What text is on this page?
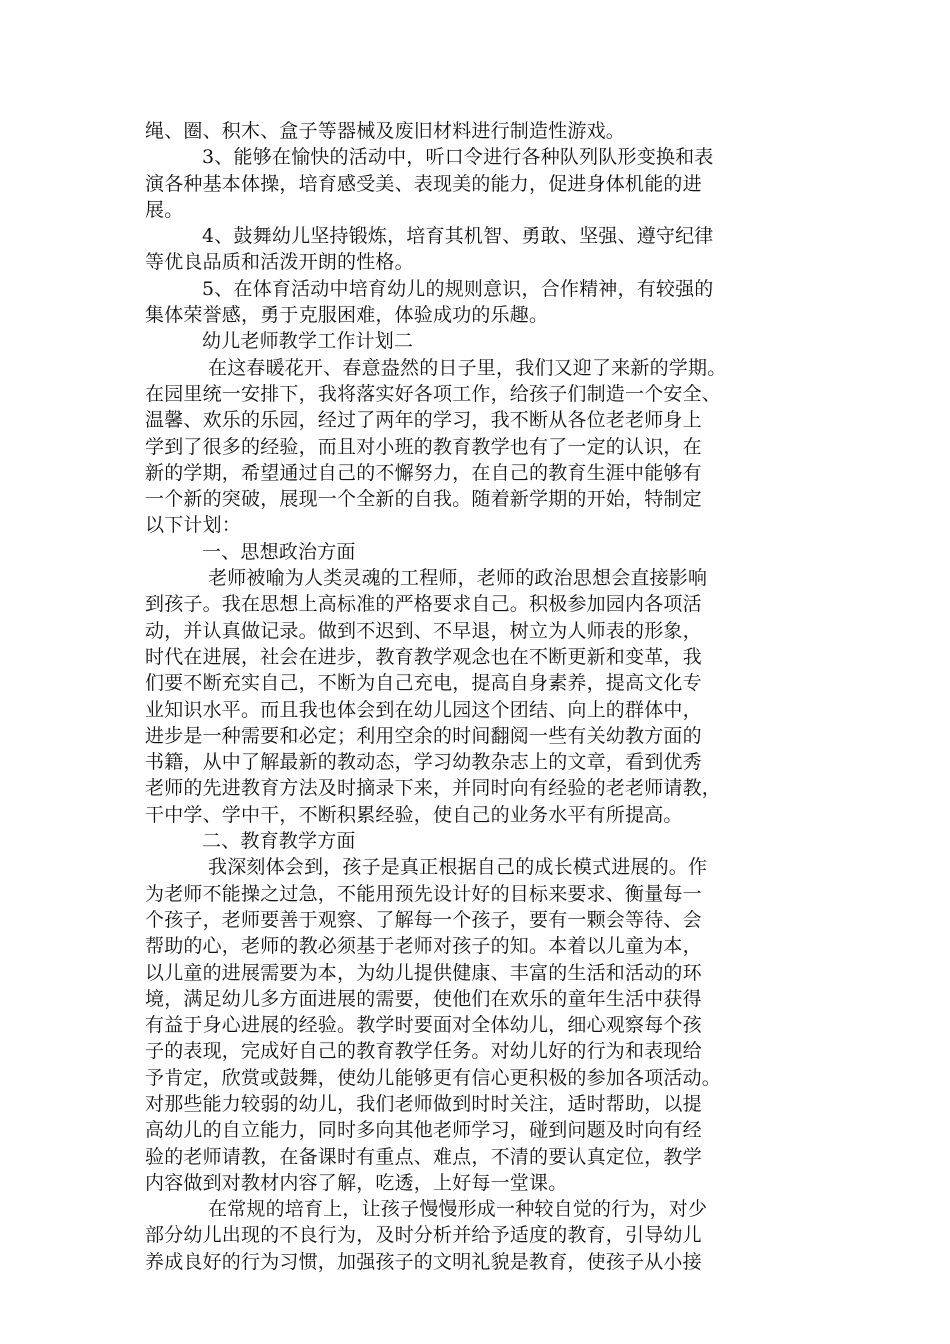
绳、圈、积木、盒子等器械及废旧材料进行制造性游戏。
3、能够在愉快的活动中，听口令进行各种队列队形变换和表
演各种基本体操，培育感受美、表现美的能力，促进身体机能的进
展。
4、鼓舞幼儿坚持锻炼，培育其机智、勇敢、坚强、遵守纪律
等优良品质和活泼开朗的性格。
5、在体育活动中培育幼儿的规则意识，合作精神，有较强的
集体荣誉感，勇于克服困难，体验成功的乐趣。
幼儿老师教学工作计划二
在这春暖花开、春意盎然的日子里，我们又迎了来新的学期。
在园里统一安排下，我将落实好各项工作，给孩子们制造一个安全、
温馨、欢乐的乐园，经过了两年的学习，我不断从各位老老师身上
学到了很多的经验，而且对小班的教育教学也有了一定的认识，在
新的学期，希望通过自己的不懈努力，在自己的教育生涯中能够有
一个新的突破，展现一个全新的自我。随着新学期的开始，特制定
以下计划：
一、思想政治方面
老师被喻为人类灵魂的工程师，老师的政治思想会直接影响
到孩子。我在思想上高标准的严格要求自己。积极参加园内各项活
动，并认真做记录。做到不迟到、不早退，树立为人师表的形象，
时代在进展，社会在进步，教育教学观念也在不断更新和变革，我
们要不断充实自己，不断为自己充电，提高自身素养，提高文化专
业知识水平。而且我也体会到在幼儿园这个团结、向上的群体中，
进步是一种需要和必定；利用空余的时间翻阅一些有关幼教方面的
书籍，从中了解最新的教动态，学习幼教杂志上的文章，看到优秀
老师的先进教育方法及时摘录下来，并同时向有经验的老老师请教，
干中学、学中干，不断积累经验，使自己的业务水平有所提高。
二、教育教学方面
我深刻体会到，孩子是真正根据自己的成长模式进展的。作
为老师不能操之过急，不能用预先设计好的目标来要求、衡量每一
个孩子，老师要善于观察、了解每一个孩子，要有一颗会等待、会
帮助的心，老师的教必须基于老师对孩子的知。本着以儿童为本，
以儿童的进展需要为本，为幼儿提供健康、丰富的生活和活动的环
境，满足幼儿多方面进展的需要，使他们在欢乐的童年生活中获得
有益于身心进展的经验。教学时要面对全体幼儿，细心观察每个孩
子的表现，完成好自己的教育教学任务。对幼儿好的行为和表现给
予肯定，欣赏或鼓舞，使幼儿能够更有信心更积极的参加各项活动。
对那些能力较弱的幼儿，我们老师做到时时关注，适时帮助，以提
高幼儿的自立能力，同时多向其他老师学习，碰到问题及时向有经
验的老师请教，在备课时有重点、难点，不清的要认真定位，教学
内容做到对教材内容了解，吃透，上好每一堂课。
在常规的培育上，让孩子慢慢形成一种较自觉的行为，对少
部分幼儿出现的不良行为，及时分析并给予适度的教育，引导幼儿
养成良好的行为习惯，加强孩子的文明礼貌是教育，使孩子从小接
